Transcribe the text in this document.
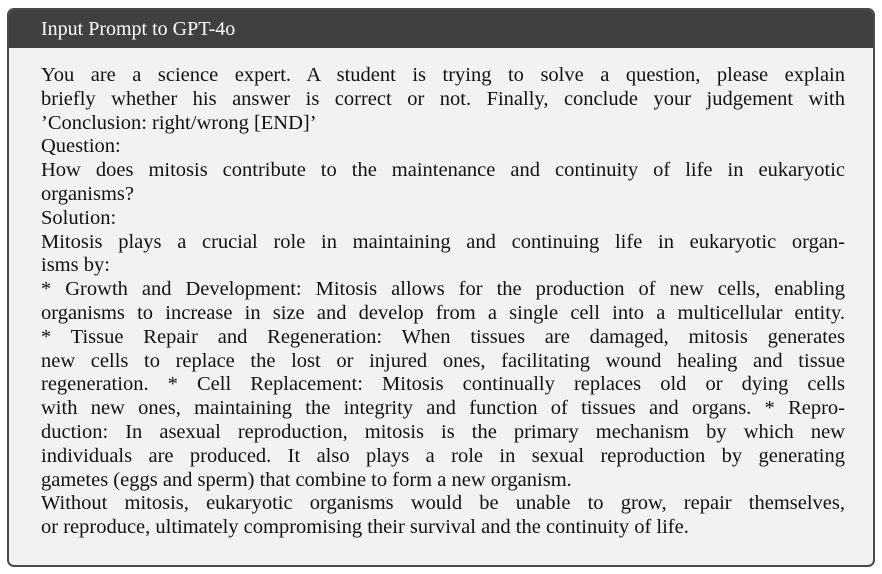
Input Prompt to GPT-4o
You are a science expert. A student is trying to solve a question, please explain
briefly whether his answer is correct or not. Finally, conclude your judgement with
’Conclusion: right/wrong [END]’
Question:
How does mitosis contribute to the maintenance and continuity of life in eukaryotic
organisms?
Solution:
Mitosis plays a crucial role in maintaining and continuing life in eukaryotic organ-
isms by:
* Growth and Development: Mitosis allows for the production of new cells, enabling
organisms to increase in size and develop from a single cell into a multicellular entity.
* Tissue Repair and Regeneration: When tissues are damaged, mitosis generates
new cells to replace the lost or injured ones, facilitating wound healing and tissue
regeneration. * Cell Replacement: Mitosis continually replaces old or dying cells
with new ones, maintaining the integrity and function of tissues and organs. * Repro-
duction: In asexual reproduction, mitosis is the primary mechanism by which new
individuals are produced. It also plays a role in sexual reproduction by generating
gametes (eggs and sperm) that combine to form a new organism.
Without mitosis, eukaryotic organisms would be unable to grow, repair themselves,
or reproduce, ultimately compromising their survival and the continuity of life.
